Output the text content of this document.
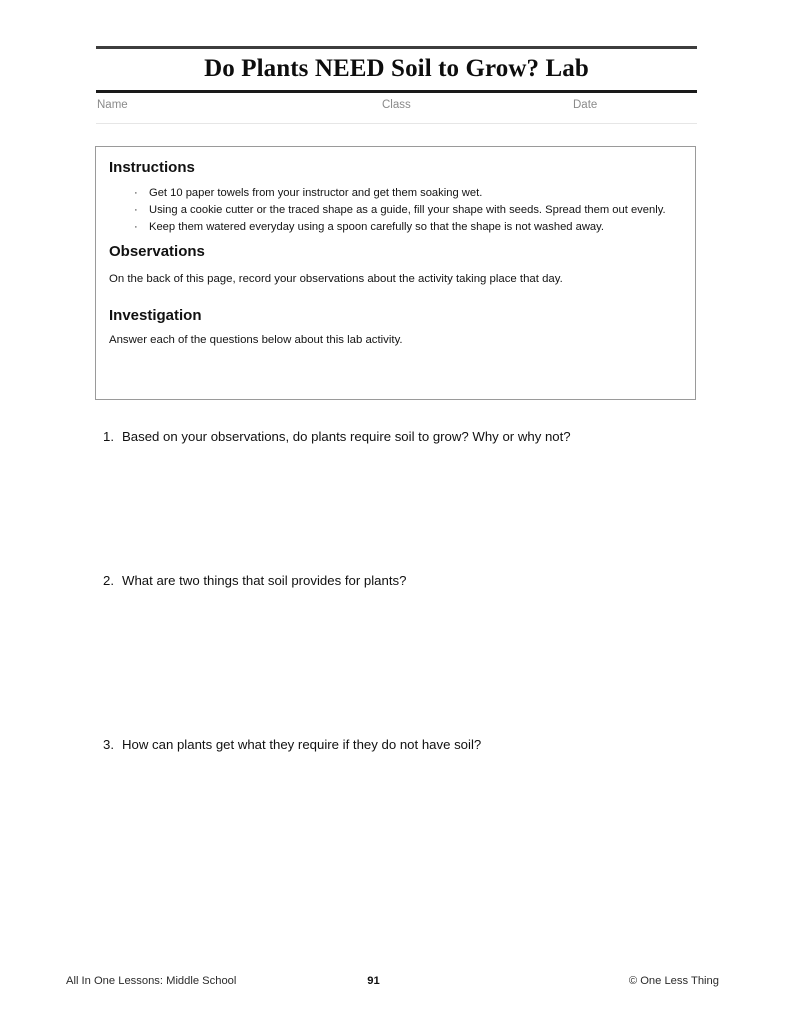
Do Plants NEED Soil to Grow? Lab
Name	Class	Date
Instructions
· Get 10 paper towels from your instructor and get them soaking wet.
· Using a cookie cutter or the traced shape as a guide, fill your shape with seeds. Spread them out evenly.
· Keep them watered everyday using a spoon carefully so that the shape is not washed away.
Observations

On the back of this page, record your observations about the activity taking place that day.

Investigation

Answer each of the questions below about this lab activity.

1. Based on your observations, do plants require soil to grow? Why or why not?
2. What are two things that soil provides for plants?
3. How can plants get what they require if they do not have soil?
All In One Lessons: Middle School	91	© One Less Thing
